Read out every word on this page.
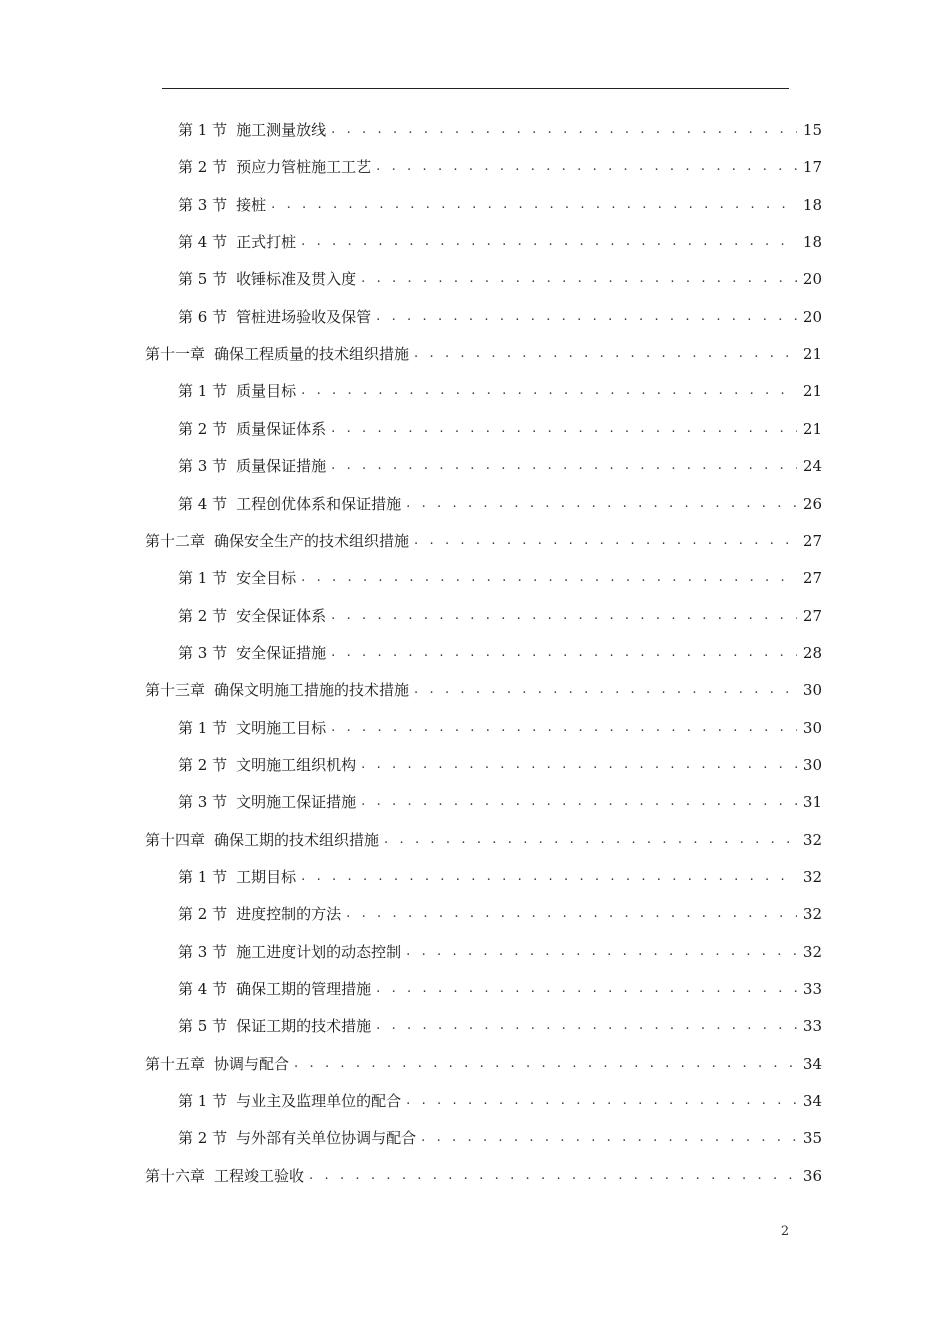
第 1 节 施工测量放线 . . .	15
第 2 节 预应力管桩施工工艺 . . .	17
第 3 节 接桩 . . .	18
第 4 节 正式打桩 . . .	18
第 5 节 收锤标准及贯入度 . . .	20
第 6 节 管桩进场验收及保管 . . .	20
第十一章 确保工程质量的技术组织措施 . . .	21
第 1 节 质量目标 . . .	21
第 2 节 质量保证体系 . . .	21
第 3 节 质量保证措施 . . .	24
第 4 节 工程创优体系和保证措施 . . .	26
第十二章 确保安全生产的技术组织措施 . . .	27
第 1 节 安全目标 . . .	27
第 2 节 安全保证体系 . . .	27
第 3 节 安全保证措施 . . .	28
第十三章 确保文明施工措施的技术措施 . . .	30
第 1 节 文明施工目标 . . .	30
第 2 节 文明施工组织机构 . . .	30
第 3 节 文明施工保证措施 . . .	31
第十四章 确保工期的技术组织措施 . . .	32
第 1 节 工期目标 . . .	32
第 2 节 进度控制的方法 . . .	32
第 3 节 施工进度计划的动态控制 . . .	32
第 4 节 确保工期的管理措施 . . .	33
第 5 节 保证工期的技术措施 . . .	33
第十五章 协调与配合 . . .	34
第 1 节 与业主及监理单位的配合 . . .	34
第 2 节 与外部有关单位协调与配合 . . .	35
第十六章 工程竣工验收 . . .	36
2
